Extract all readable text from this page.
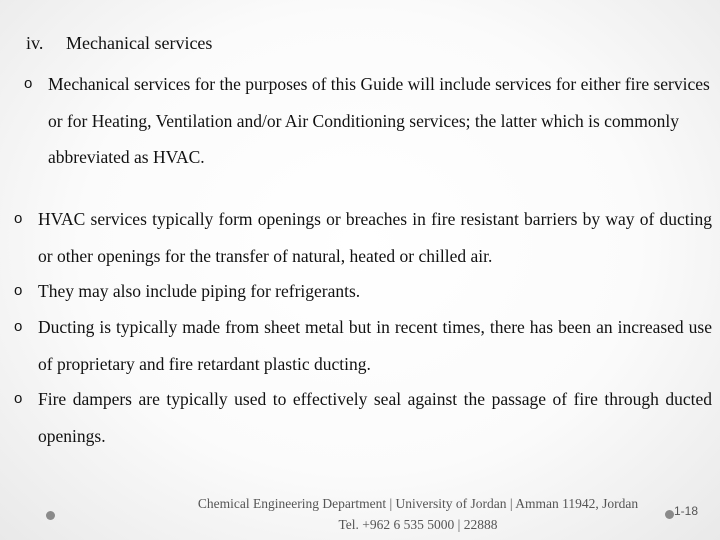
iv. Mechanical services
o Mechanical services for the purposes of this Guide will include services for either fire services or for Heating, Ventilation and/or Air Conditioning services; the latter which is commonly abbreviated as HVAC.
o HVAC services typically form openings or breaches in fire resistant barriers by way of ducting or other openings for the transfer of natural, heated or chilled air.
o They may also include piping for refrigerants.
o Ducting is typically made from sheet metal but in recent times, there has been an increased use of proprietary and fire retardant plastic ducting.
o Fire dampers are typically used to effectively seal against the passage of fire through ducted openings.
Chemical Engineering Department | University of Jordan | Amman 11942, Jordan
Tel. +962 6 535 5000 | 22888
1-18
